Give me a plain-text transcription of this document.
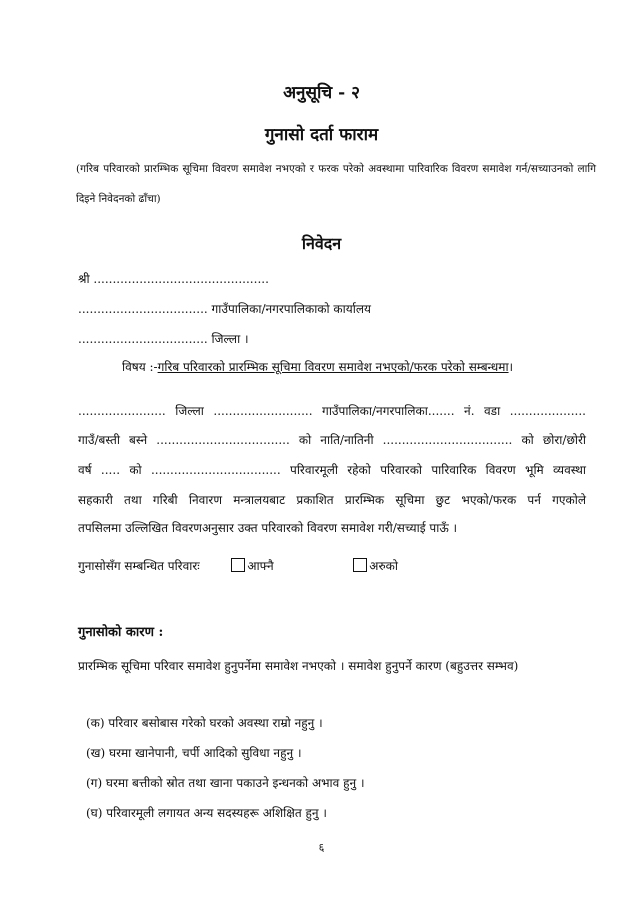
अनुसूचि - २
गुनासो दर्ता फाराम
(गरिब परिवारको प्रारम्भिक सूचिमा विवरण समावेश नभएको र फरक परेको अवस्थामा पारिवारिक विवरण समावेश गर्न/सच्याउनको लागि दिइने निवेदनको ढाँचा)
निवेदन
श्री ..............................................
.................................. गाउँपालिका/नगरपालिकाको कार्यालय
.................................. जिल्ला ।
विषय :-गरिब परिवारको प्रारम्भिक सूचिमा विवरण समावेश नभएको/फरक परेको सम्बन्धमा।
....................... जिल्ला .......................... गाउँपालिका/नगरपालिका....... नं. वडा ....................
गाउँ/बस्ती बस्ने ................................... को नाति/नातिनी .................................. को छोरा/छोरी
वर्ष ..... को .................................. परिवारमूली रहेको परिवारको पारिवारिक विवरण भूमि व्यवस्था
सहकारी तथा गरिबी निवारण मन्त्रालयबाट प्रकाशित प्रारम्भिक सूचिमा छुट भएको/फरक पर्न गएकोले
तपसिलमा उल्लिखित विवरणअनुसार उक्त परिवारको विवरण समावेश गरी/सच्याई पाऊँ ।
गुनासोसँग सम्बन्धित परिवारः	आफ्नै	अरुको
गुनासोको कारण :
प्रारम्भिक सूचिमा परिवार समावेश हुनुपर्नेमा समावेश नभएको । समावेश हुनुपर्ने कारण (बहुउत्तर सम्भव)
(क) परिवार बसोबास गरेको घरको अवस्था राम्रो नहुनु ।
(ख) घरमा खानेपानी, चर्पी आदिको सुविधा नहुनु ।
(ग) घरमा बत्तीको स्रोत तथा खाना पकाउने इन्धनको अभाव हुनु ।
(घ) परिवारमूली लगायत अन्य सदस्यहरू अशिक्षित हुनु ।
६
